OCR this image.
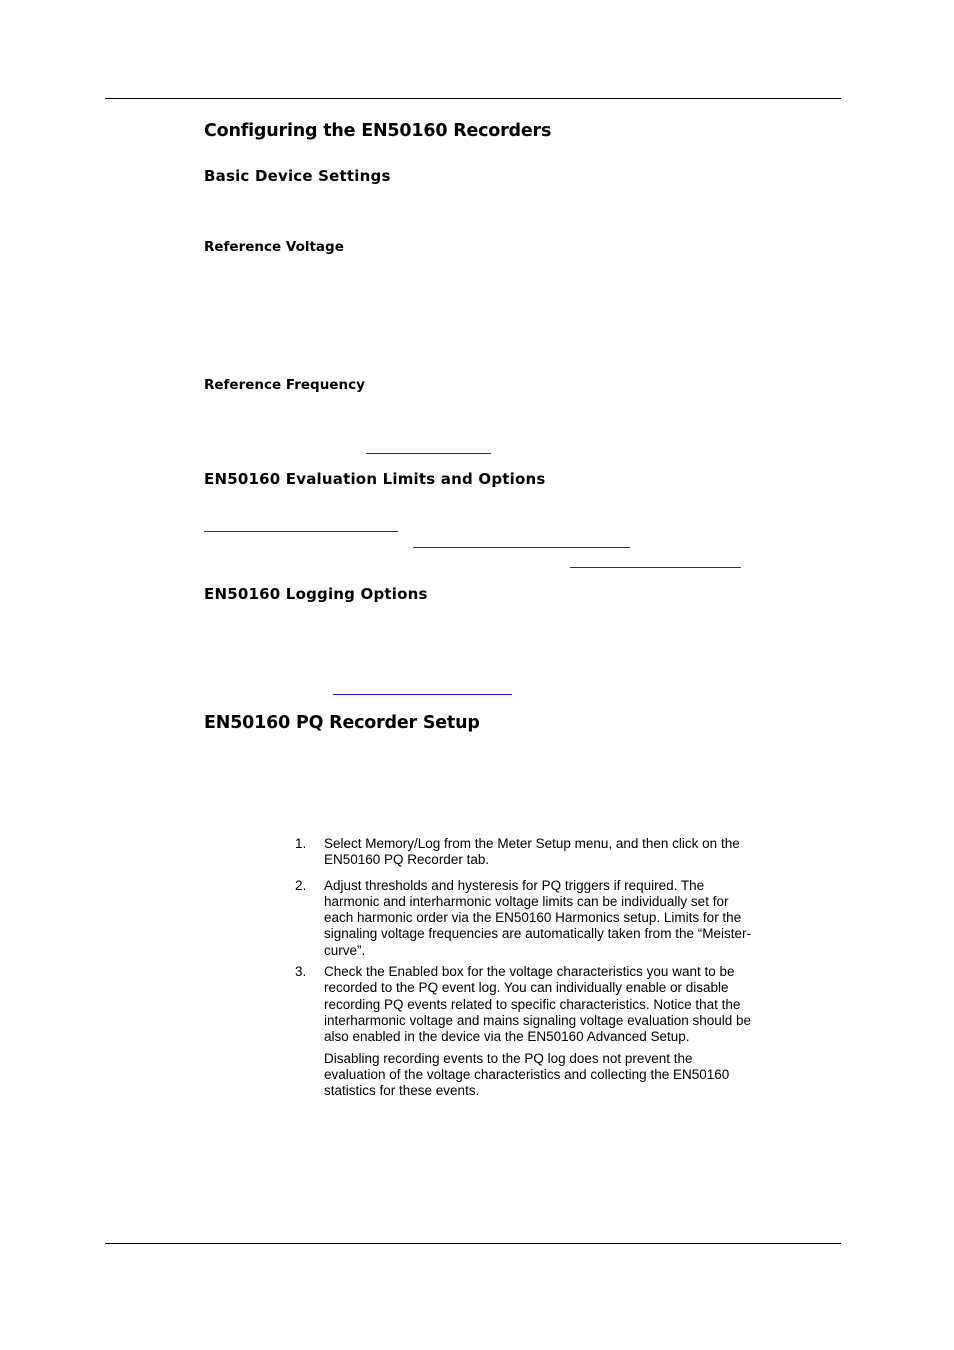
Configuring the EN50160 Recorders
Basic Device Settings
Reference Voltage
Reference Frequency
EN50160 Evaluation Limits and Options
EN50160 Logging Options
EN50160 PQ Recorder Setup
1. Select Memory/Log from the Meter Setup menu, and then click on the EN50160 PQ Recorder tab.
2. Adjust thresholds and hysteresis for PQ triggers if required. The harmonic and interharmonic voltage limits can be individually set for each harmonic order via the EN50160 Harmonics setup. Limits for the signaling voltage frequencies are automatically taken from the “Meister-curve”.
3. Check the Enabled box for the voltage characteristics you want to be recorded to the PQ event log. You can individually enable or disable recording PQ events related to specific characteristics. Notice that the interharmonic voltage and mains signaling voltage evaluation should be also enabled in the device via the EN50160 Advanced Setup.
Disabling recording events to the PQ log does not prevent the evaluation of the voltage characteristics and collecting the EN50160 statistics for these events.
